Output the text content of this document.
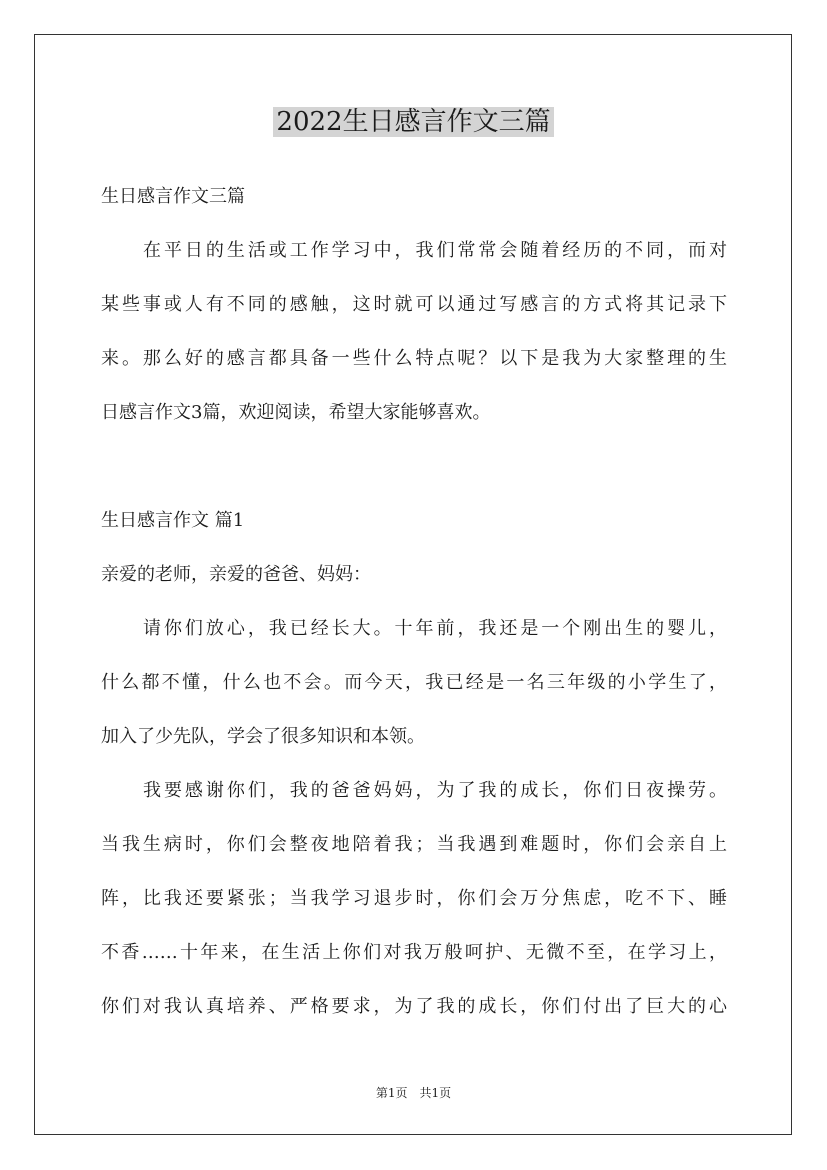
2022生日感言作文三篇

生日感言作文三篇

在平日的生活或工作学习中，我们常常会随着经历的不同，而对

某些事或人有不同的感触，这时就可以通过写感言的方式将其记录下

来。那么好的感言都具备一些什么特点呢？以下是我为大家整理的生

日感言作文3篇，欢迎阅读，希望大家能够喜欢。

生日感言作文 篇1

亲爱的老师，亲爱的爸爸、妈妈：

请你们放心，我已经长大。十年前，我还是一个刚出生的婴儿，

什么都不懂，什么也不会。而今天，我已经是一名三年级的小学生了，

加入了少先队，学会了很多知识和本领。

我要感谢你们，我的爸爸妈妈，为了我的成长，你们日夜操劳。

当我生病时，你们会整夜地陪着我；当我遇到难题时，你们会亲自上

阵，比我还要紧张；当我学习退步时，你们会万分焦虑，吃不下、睡

不香……十年来，在生活上你们对我万般呵护、无微不至，在学习上，

你们对我认真培养、严格要求，为了我的成长，你们付出了巨大的心

第1页　共1页
